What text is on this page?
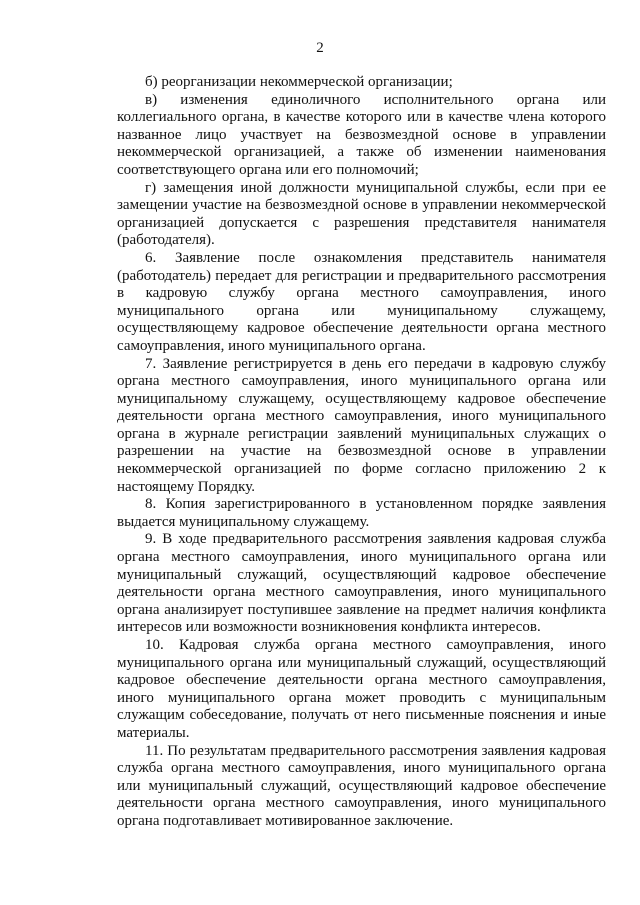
2

б) реорганизации некоммерческой организации;

в) изменения единоличного исполнительного органа или коллегиального органа, в качестве которого или в качестве члена которого названное лицо участвует на безвозмездной основе в управлении некоммерческой организацией, а также об изменении наименования соответствующего органа или его полномочий;

г) замещения иной должности муниципальной службы, если при ее замещении участие на безвозмездной основе в управлении некоммерческой организацией допускается с разрешения представителя нанимателя (работодателя).

6. Заявление после ознакомления представитель нанимателя (работодатель) передает для регистрации и предварительного рассмотрения в кадровую службу органа местного самоуправления, иного муниципального органа или муниципальному служащему, осуществляющему кадровое обеспечение деятельности органа местного самоуправления, иного муниципального органа.

7. Заявление регистрируется в день его передачи в кадровую службу органа местного самоуправления, иного муниципального органа или муниципальному служащему, осуществляющему кадровое обеспечение деятельности органа местного самоуправления, иного муниципального органа в журнале регистрации заявлений муниципальных служащих о разрешении на участие на безвозмездной основе в управлении некоммерческой организацией по форме согласно приложению 2 к настоящему Порядку.

8. Копия зарегистрированного в установленном порядке заявления выдается муниципальному служащему.

9. В ходе предварительного рассмотрения заявления кадровая служба органа местного самоуправления, иного муниципального органа или муниципальный служащий, осуществляющий кадровое обеспечение деятельности органа местного самоуправления, иного муниципального органа анализирует поступившее заявление на предмет наличия конфликта интересов или возможности возникновения конфликта интересов.

10. Кадровая служба органа местного самоуправления, иного муниципального органа или муниципальный служащий, осуществляющий кадровое обеспечение деятельности органа местного самоуправления, иного муниципального органа может проводить с муниципальным служащим собеседование, получать от него письменные пояснения и иные материалы.

11. По результатам предварительного рассмотрения заявления кадровая служба органа местного самоуправления, иного муниципального органа или муниципальный служащий, осуществляющий кадровое обеспечение деятельности органа местного самоуправления, иного муниципального органа подготавливает мотивированное заключение.
